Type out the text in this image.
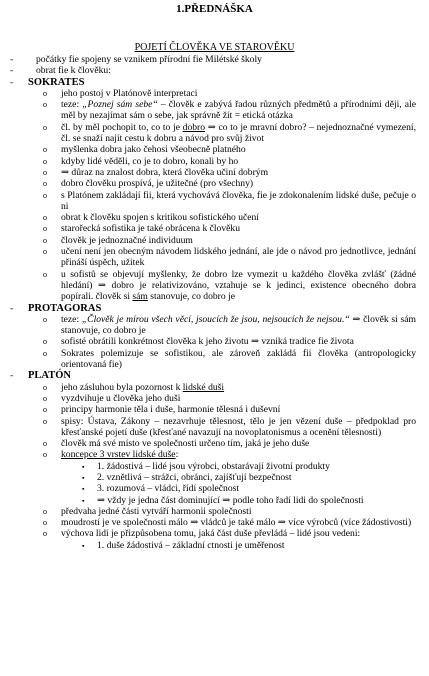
1.PŘEDNÁŠKA
POJETÍ ČLOVĚKA VE STAROVĚKU
-	počátky fie spojeny se vznikem přírodní fie Milétské školy
-	obrat fie k člověku:
-	SOKRATES
o	jeho postoj v Platónově interpretaci
o	teze: „Poznej sám sebe“ – člověk e zabývá řadou různých předmětů a přírodními ději, ale měl by nezajímat sám o sebe, jak správně žít = etická otázka
o	čl. by měl pochopit to, co to je dobro ⇒ co to je mravní dobro? – nejednoznačné vymezení, čl. se snaží najít cestu k dobru a návod pro svůj život
o	myšlenka dobra jako čehosi všeobecně platného
o	kdyby lidé věděli, co je to dobro, konali by ho
o	⇒ důraz na znalost dobra, která člověka učiní dobrým
o	dobro člověku prospívá, je užitečné (pro všechny)
o	s Platónem zakládají fii, která vychovává člověka, fie je zdokonalením lidské duše, pečuje o ni
o	obrat k člověku spojen s kritikou sofistického učení
o	starořecká sofistika je také obrácena k člověku
o	člověk je jednoznačné individuum
o	učení není jen obecným návodem lidského jednání, ale jde o návod pro jednotlivce, jednání přináší úspěch, užitek
o	u sofistů se objevují myšlenky, že dobro lze vymezit u každého člověka zvlášť (žádné hledání) ⇒ dobro je relativizováno, vztahuje se k jedinci, existence obecného dobra popírali. člověk si sám stanovuje, co dobro je
-	PROTAGORAS
o	teze: „Člověk je mírou všech věcí, jsoucích že jsou, nejsoucích že nejsou.“ ⇒ člověk si sám stanovuje, co dobro je
o	sofisté obrátili konkrétnost člověka k jeho životu ⇒ vzniká tradice fie života
o	Sokrates polemizuje se sofistikou, ale zároveň zakládá fii člověka (antropologicky orientovaná fie)
-	PLATÓN
o	jeho zásluhou byla pozornost k lidské duši
o	vyzdvihuje u člověka jeho duši
o	principy harmonie těla i duše, harmonie tělesná i duševní
o	spisy: Ústava, Zákony – nezavrhuje tělesnost, tělo je jen vězení duše – předpoklad pro křesťanské pojetí duše (křesťané navazují na novoplatonismus a ocenění tělesnosti)
o	člověk má své místo ve společnosti určeno tím, jaká je jeho duše
o	koncepce 3 vrstev lidské duše:
▪	1. žádostivá – lidé jsou výrobci, obstarávají životní produkty
▪	2. vznětlivá – strážci, obránci, zajišťují bezpečnost
▪	3. rozumová – vládci, řídí společnost
▪	⇒ vždy je jedna část dominující ⇒ podle toho řadí lidi do společnosti
o	předvaha jedné části vytváří harmonii společnosti
o	moudrostí je ve společnosti málo ⇒ vládců je také málo ⇒ více výrobců (více žádostivosti)
o	výchova lidí je přizpůsobena tomu, jaká část duše převládá – lidé jsou vedeni:
▪	1. duše žádostivá – základní ctnosti je uměřenost
